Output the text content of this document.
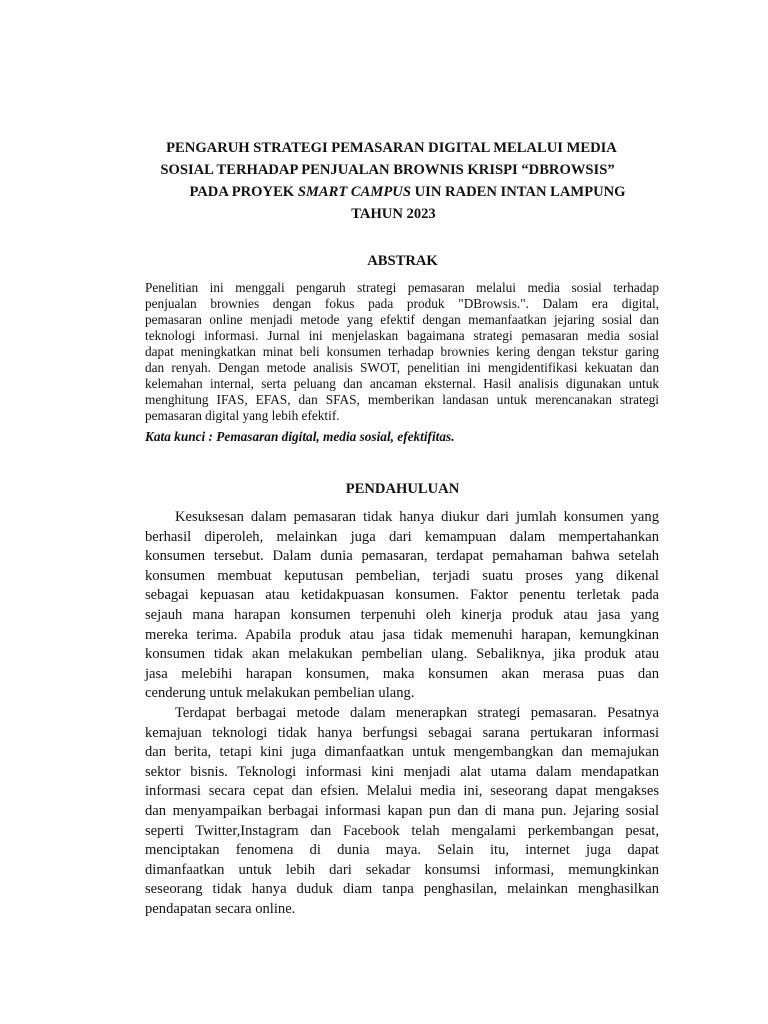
PENGARUH STRATEGI PEMASARAN DIGITAL MELALUI MEDIA
SOSIAL TERHADAP PENJUALAN BROWNIS KRISPI “DBROWSIS”
PADA PROYEK SMART CAMPUS UIN RADEN INTAN LAMPUNG
TAHUN 2023
ABSTRAK
Penelitian ini menggali pengaruh strategi pemasaran melalui media sosial terhadap
penjualan brownies dengan fokus pada produk "DBrowsis.". Dalam era digital,
pemasaran online menjadi metode yang efektif dengan memanfaatkan jejaring sosial dan
teknologi informasi. Jurnal ini menjelaskan bagaimana strategi pemasaran media sosial
dapat meningkatkan minat beli konsumen terhadap brownies kering dengan tekstur garing
dan renyah. Dengan metode analisis SWOT, penelitian ini mengidentifikasi kekuatan dan
kelemahan internal, serta peluang dan ancaman eksternal. Hasil analisis digunakan untuk
menghitung IFAS, EFAS, dan SFAS, memberikan landasan untuk merencanakan strategi
pemasaran digital yang lebih efektif.

Kata kunci : Pemasaran digital, media sosial, efektifitas.

PENDAHULUAN
Kesuksesan dalam pemasaran tidak hanya diukur dari jumlah konsumen yang
berhasil diperoleh, melainkan juga dari kemampuan dalam mempertahankan
konsumen tersebut. Dalam dunia pemasaran, terdapat pemahaman bahwa setelah
konsumen membuat keputusan pembelian, terjadi suatu proses yang dikenal
sebagai kepuasan atau ketidakpuasan konsumen. Faktor penentu terletak pada
sejauh mana harapan konsumen terpenuhi oleh kinerja produk atau jasa yang
mereka terima. Apabila produk atau jasa tidak memenuhi harapan, kemungkinan
konsumen tidak akan melakukan pembelian ulang. Sebaliknya, jika produk atau
jasa melebihi harapan konsumen, maka konsumen akan merasa puas dan
cenderung untuk melakukan pembelian ulang.
Terdapat berbagai metode dalam menerapkan strategi pemasaran. Pesatnya
kemajuan teknologi tidak hanya berfungsi sebagai sarana pertukaran informasi
dan berita, tetapi kini juga dimanfaatkan untuk mengembangkan dan memajukan
sektor bisnis. Teknologi informasi kini menjadi alat utama dalam mendapatkan
informasi secara cepat dan efsien. Melalui media ini, seseorang dapat mengakses
dan menyampaikan berbagai informasi kapan pun dan di mana pun. Jejaring sosial
seperti Twitter,Instagram dan Facebook telah mengalami perkembangan pesat,
menciptakan fenomena di dunia maya. Selain itu, internet juga dapat
dimanfaatkan untuk lebih dari sekadar konsumsi informasi, memungkinkan
seseorang tidak hanya duduk diam tanpa penghasilan, melainkan menghasilkan
pendapatan secara online.
